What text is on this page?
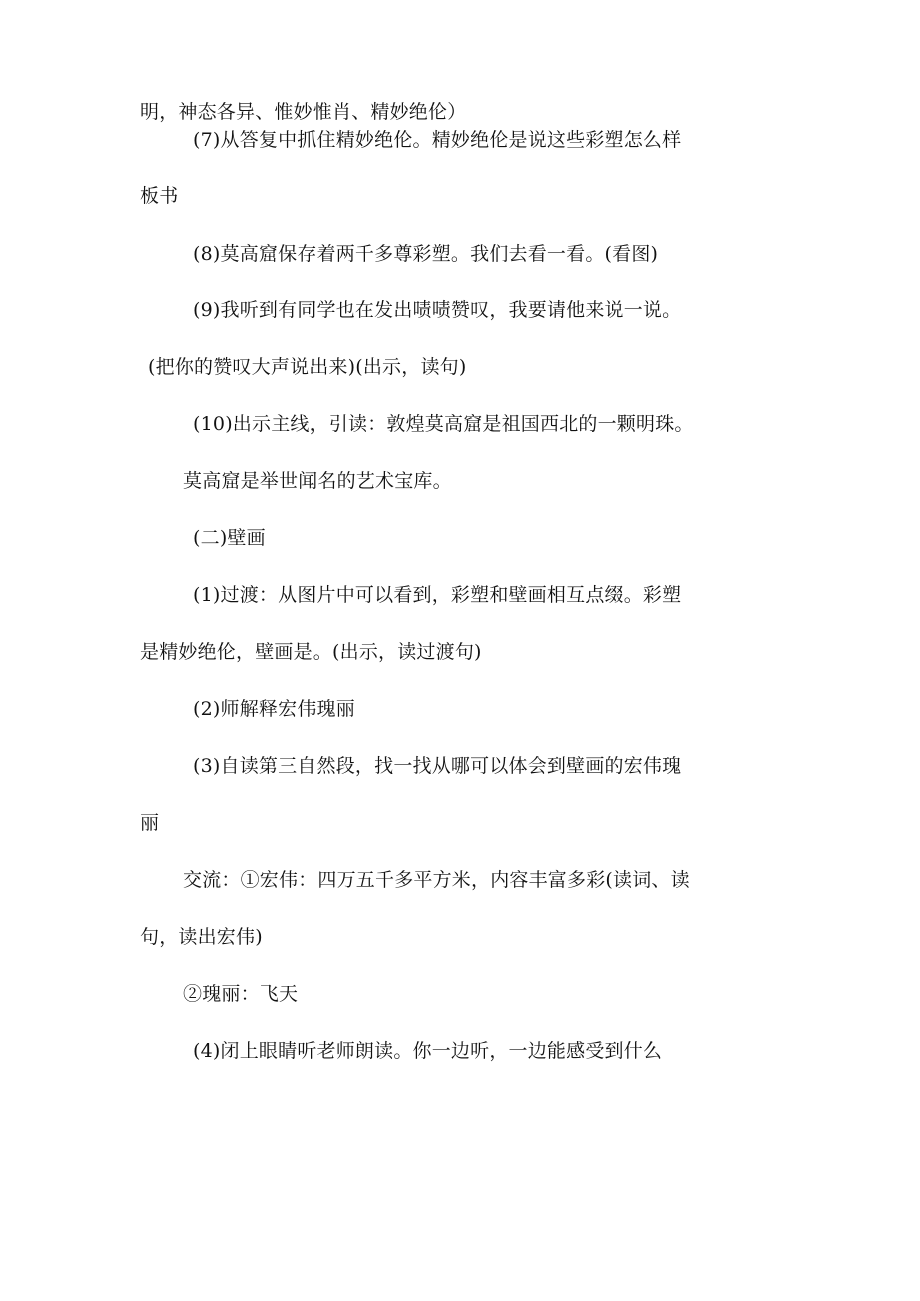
明，神态各异、惟妙惟肖、精妙绝伦）
(7)从答复中抓住精妙绝伦。精妙绝伦是说这些彩塑怎么样
板书
(8)莫高窟保存着两千多尊彩塑。我们去看一看。(看图)
(9)我听到有同学也在发出啧啧赞叹，我要请他来说一说。
(把你的赞叹大声说出来)(出示，读句)
(10)出示主线，引读：敦煌莫高窟是祖国西北的一颗明珠。
莫高窟是举世闻名的艺术宝库。
(二)壁画
(1)过渡：从图片中可以看到，彩塑和壁画相互点缀。彩塑
是精妙绝伦，壁画是。(出示，读过渡句)
(2)师解释宏伟瑰丽
(3)自读第三自然段，找一找从哪可以体会到壁画的宏伟瑰
丽
交流：①宏伟：四万五千多平方米，内容丰富多彩(读词、读
句，读出宏伟)
②瑰丽：飞天
(4)闭上眼睛听老师朗读。你一边听，一边能感受到什么
